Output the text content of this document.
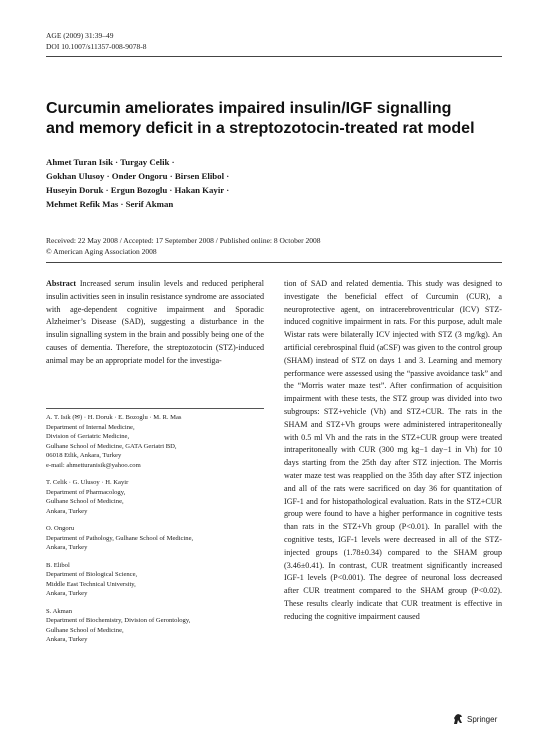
AGE (2009) 31:39–49
DOI 10.1007/s11357-008-9078-8
Curcumin ameliorates impaired insulin/IGF signalling
and memory deficit in a streptozotocin-treated rat model
Ahmet Turan Isik · Turgay Celik ·
Gokhan Ulusoy · Onder Ongoru · Birsen Elibol ·
Huseyin Doruk · Ergun Bozoglu · Hakan Kayir ·
Mehmet Refik Mas · Serif Akman
Received: 22 May 2008 / Accepted: 17 September 2008 / Published online: 8 October 2008
© American Aging Association 2008

Abstract Increased serum insulin levels and reduced peripheral insulin activities seen in insulin resistance syndrome are associated with age-dependent cognitive impairment and Sporadic Alzheimer’s Disease (SAD), suggesting a disturbance in the insulin signalling system in the brain and possibly being one of the causes of dementia. Therefore, the streptozotocin (STZ)-induced animal may be an appropriate model for the investiga-

A. T. Isik (✉) · H. Doruk · E. Bozoglu · M. R. Mas
Department of Internal Medicine,
Division of Geriatric Medicine,
Gulhane School of Medicine, GATA Geriatri BD,
06018 Etlik, Ankara, Turkey
e-mail: ahmetturanisik@yahoo.com
T. Celik · G. Ulusoy · H. Kayir
Department of Pharmacology,
Gulhane School of Medicine,
Ankara, Turkey
O. Ongoru
Department of Pathology, Gulhane School of Medicine,
Ankara, Turkey
B. Elibol
Department of Biological Science,
Middle East Technical University,
Ankara, Turkey
S. Akman
Department of Biochemistry, Division of Gerontology,
Gulhane School of Medicine,
Ankara, Turkey

tion of SAD and related dementia. This study was designed to investigate the beneficial effect of Curcumin (CUR), a neuroprotective agent, on intracerebroventricular (ICV) STZ-induced cognitive impairment in rats. For this purpose, adult male Wistar rats were bilaterally ICV injected with STZ (3 mg/kg). An artificial cerebrospinal fluid (aCSF) was given to the control group (SHAM) instead of STZ on days 1 and 3. Learning and memory performance were assessed using the “passive avoidance task” and the “Morris water maze test”. After confirmation of acquisition impairment with these tests, the STZ group was divided into two subgroups: STZ+vehicle (Vh) and STZ+CUR. The rats in the SHAM and STZ+Vh groups were administered intraperitoneally with 0.5 ml Vh and the rats in the STZ+CUR group were treated intraperitoneally with CUR (300 mg kg−1 day−1 in Vh) for 10 days starting from the 25th day after STZ injection. The Morris water maze test was reapplied on the 35th day after STZ injection and all of the rats were sacrificed on day 36 for quantitation of IGF-1 and for histopathological evaluation. Rats in the STZ+CUR group were found to have a higher performance in cognitive tests than rats in the STZ+Vh group (P<0.01). In parallel with the cognitive tests, IGF-1 levels were decreased in all of the STZ-injected groups (1.78±0.34) compared to the SHAM group (3.46±0.41). In contrast, CUR treatment significantly increased IGF-1 levels (P<0.001). The degree of neuronal loss decreased after CUR treatment compared to the SHAM group (P<0.02). These results clearly indicate that CUR treatment is effective in reducing the cognitive impairment caused

Springer
